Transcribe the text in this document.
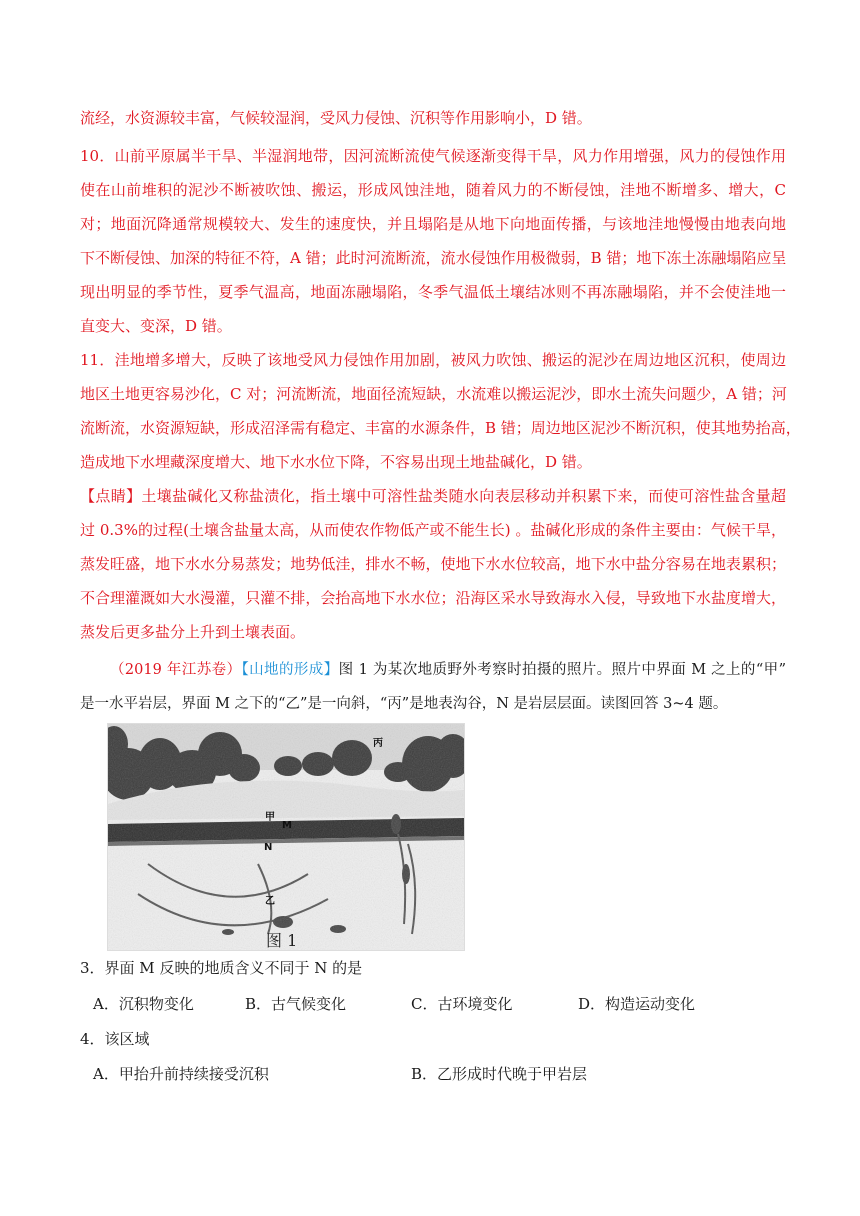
流经，水资源较丰富，气候较湿润，受风力侵蚀、沉积等作用影响小，D 错。

10．山前平原属半干旱、半湿润地带，因河流断流使气候逐渐变得干旱，风力作用增强，风力的侵蚀作用
使在山前堆积的泥沙不断被吹蚀、搬运，形成风蚀洼地，随着风力的不断侵蚀，洼地不断增多、增大，C
对；地面沉降通常规模较大、发生的速度快，并且塌陷是从地下向地面传播，与该地洼地慢慢由地表向地
下不断侵蚀、加深的特征不符，A 错；此时河流断流，流水侵蚀作用极微弱，B 错；地下冻土冻融塌陷应呈
现出明显的季节性，夏季气温高，地面冻融塌陷，冬季气温低土壤结冰则不再冻融塌陷，并不会使洼地一
直变大、变深，D 错。

11．洼地增多增大，反映了该地受风力侵蚀作用加剧，被风力吹蚀、搬运的泥沙在周边地区沉积，使周边
地区土地更容易沙化，C 对；河流断流，地面径流短缺，水流难以搬运泥沙，即水土流失问题少，A 错；河
流断流，水资源短缺，形成沼泽需有稳定、丰富的水源条件，B 错；周边地区泥沙不断沉积，使其地势抬高，
造成地下水埋藏深度增大、地下水水位下降，不容易出现土地盐碱化，D 错。

【点睛】土壤盐碱化又称盐渍化，指土壤中可溶性盐类随水向表层移动并积累下来，而使可溶性盐含量超
过 0.3%的过程(土壤含盐量太高，从而使农作物低产或不能生长) 。盐碱化形成的条件主要由：气候干旱，
蒸发旺盛，地下水水分易蒸发；地势低洼，排水不畅，使地下水水位较高，地下水中盐分容易在地表累积；
不合理灌溉如大水漫灌，只灌不排，会抬高地下水水位；沿海区采水导致海水入侵，导致地下水盐度增大，
蒸发后更多盐分上升到土壤表面。

（2019 年江苏卷）【山地的形成】图 1 为某次地质野外考察时拍摄的照片。照片中界面 M 之上的“甲”
是一水平岩层，界面 M 之下的“乙”是一向斜，“丙”是地表沟谷，N 是岩层层面。读图回答 3~4 题。

丙
甲
M
N
乙
图 1

3．界面 M 反映的地质含义不同于 N 的是

A．沉积物变化	B．古气候变化	C．古环境变化	D．构造运动变化

4．该区域

A．甲抬升前持续接受沉积	B．乙形成时代晚于甲岩层
